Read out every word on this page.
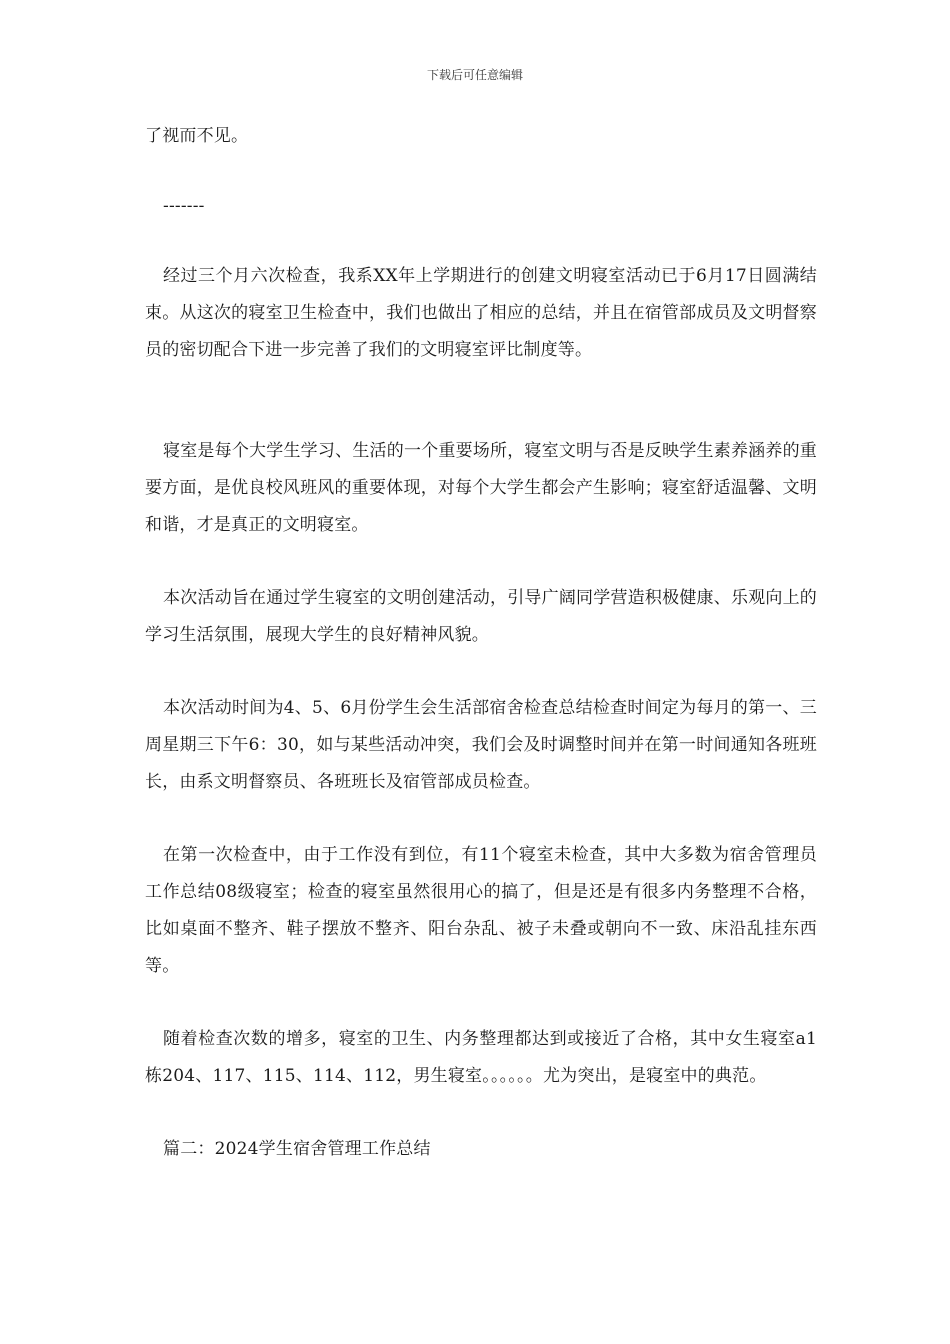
下载后可任意编辑

了视而不见。

-------

经过三个月六次检查，我系XX年上学期进行的创建文明寝室活动已于6月17日圆满结束。从这次的寝室卫生检查中，我们也做出了相应的总结，并且在宿管部成员及文明督察员的密切配合下进一步完善了我们的文明寝室评比制度等。

寝室是每个大学生学习、生活的一个重要场所，寝室文明与否是反映学生素养涵养的重要方面，是优良校风班风的重要体现，对每个大学生都会产生影响；寝室舒适温馨、文明和谐，才是真正的文明寝室。

本次活动旨在通过学生寝室的文明创建活动，引导广阔同学营造积极健康、乐观向上的学习生活氛围，展现大学生的良好精神风貌。

本次活动时间为4、5、6月份学生会生活部宿舍检查总结检查时间定为每月的第一、三周星期三下午6：30，如与某些活动冲突，我们会及时调整时间并在第一时间通知各班班长，由系文明督察员、各班班长及宿管部成员检查。

在第一次检查中，由于工作没有到位，有11个寝室未检查，其中大多数为宿舍管理员工作总结08级寝室；检查的寝室虽然很用心的搞了，但是还是有很多内务整理不合格，比如桌面不整齐、鞋子摆放不整齐、阳台杂乱、被子未叠或朝向不一致、床沿乱挂东西等。

随着检查次数的增多，寝室的卫生、内务整理都达到或接近了合格，其中女生寝室a1栋204、117、115、114、112，男生寝室。。。。。。尤为突出，是寝室中的典范。

篇二：2024学生宿舍管理工作总结
